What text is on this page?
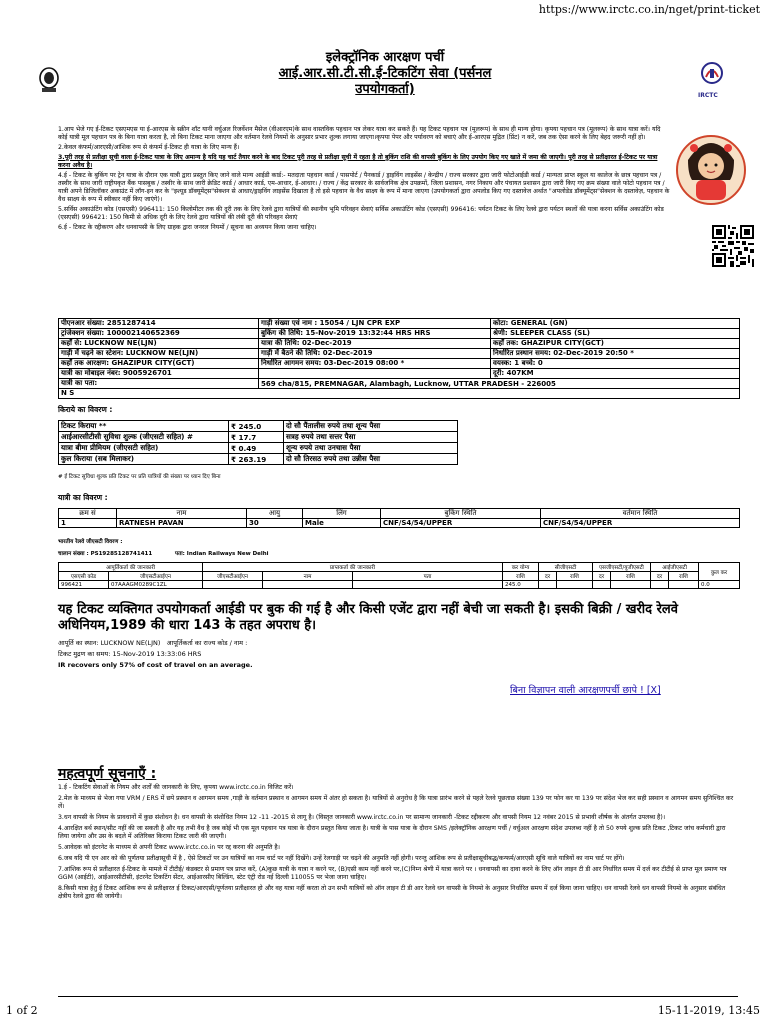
https://www.irctc.co.in/nget/print-ticket
1 of 2	15-11-2019, 13:45
इलेक्ट्रॉनिक आरक्षण पर्ची
आई.आर.सी.टी.सी.ई-टिकटिंग सेवा (पर्सनल
उपयोगकर्ता)	IRCTC

1.आप भेजे गए ई-टिकट एसएमएस या ई-आरएस के स्क्रीन शॉट यानी वर्चुअल रिजर्वेशन मैसेज (वीआरएम)के साथ वास्तविक पहचान पत्र लेकर यात्रा कर सकते हैं। यह टिकट पहचान पत्र (मूलरूप) के साथ ही मान्य होगा। कृपया पहचान पत्र (मूलरूप) के साथ यात्रा करें। यदि कोई यात्री मूल पहचान पत्र के बिना यात्रा करता है, तो बिना टिकट माना जाएगा और वर्तमान रेलवे नियमों के अनुसार प्रभार शुल्क लगाया जाएगा।कृपया पेपर और पर्यावरण को बचाएं और ई-आरएस मुद्रित (प्रिंट) न करें, जब तक ऐसा करने के लिए बेहद जरूरी नहीं हो।

2.केवल कंफर्म/आरएसी/आंशिक रूप से कंफर्म ई-टिकट ही यात्रा के लिए मान्य हैं।

3.पूरी तरह से प्रतीक्षा सूची वाला ई-टिकट यात्रा के लिए अमान्य है यदि यह चार्ट तैयार करने के बाद टिकट पूरी तरह से प्रतीक्षा सूची में रहता है तो बुकिंग राशि की वापसी बुकिंग के लिए उपयोग किए गए खाते में जमा की जाएगी। पूरी तरह से प्रतीक्षारत ई-टिकट पर यात्रा करना अवैध है।

4.ई - टिकट के बुकिंग पर ट्रेन यात्रा के दौरान एक यात्री द्वारा प्रस्तुत किए जाने वाले मान्य आईडी कार्ड:- मतदाता पहचान कार्ड / पासपोर्ट / पैनकार्ड / ड्राइविंग लाइसेंस / केन्द्रीय / राज्य सरकार द्वारा जारी फोटोआईडी कार्ड / मान्यता प्राप्त स्कूल या कालेज के छात्र पहचान पत्र / तस्वीर के साथ जारी राष्ट्रीयकृत बैंक पासबुक / तस्वीर के साथ जारी क्रेडिट कार्ड / आधार कार्ड, एम-आधार, ई-आधार। / राज्य / केंद्र सरकार के सार्वजनिक क्षेत्र उपक्रमों, जिला प्रशासन, नगर निकाय और पंचायत प्रशासन द्वारा जारी किए गए क्रम संख्या वाले फोटो पहचान पत्र / यात्री अपने डिजिलॉकर अकाउंट में लॉग-इन कर के "इश्यूड डॉक्यूमेंट्स"सेक्शन से आधार/ड्राइविंग लाइसेंस दिखाता है तो इसे पहचान के वैध साक्ष्य के रूप में माना जाएगा (उपयोगकर्ता द्वारा अपलोड किए गए दस्तावेज अर्थात "अपलोडेड डॉक्यूमेंट्स"सेक्शन के दस्तावेज़, पहचान के वैध साक्ष्य के रूप में स्वीकार नहीं किए जाएंगे)।

5.सर्विस अकाउंटिंग कोड (एसएसी) 996411: 150 किलोमीटर तक की दूरी तक के लिए रेलवे द्वारा यात्रियों की स्थानीय भूमि परिवहन सेवाएं सर्विस अकाउंटिंग कोड (एसएसी) 996416: पर्यटन टिकट के लिए रेलवे द्वारा पर्यटन स्थलों की यात्रा करना सर्विस अकाउंटिंग कोड (एसएसी) 996421: 150 किमी से अधिक दूरी के लिए रेलवे द्वारा यात्रियों की लंबी दूरी की परिवहन सेवाएं

6.ई - टिकट के रद्दीकरण और धनवापसी के लिए ग्राहक द्वारा जनरल नियमों / सूचना का अध्ययन किया जाना चाहिए।

पीएनआर संख्या: 2851287414	गाड़ी संख्या एवं नाम : 15054 / LJN CPR EXP	कोटा: GENERAL (GN)
ट्रांजेक्शन संख्या: 100002140652369	बुकिंग की तिथि: 15-Nov-2019 13:32:44 HRS HRS	श्रेणी: SLEEPER CLASS (SL)
कहाँ से: LUCKNOW NE(LJN)	यात्रा की तिथि: 02-Dec-2019	कहाँ तक: GHAZIPUR CITY(GCT)
गाड़ी में चढ़ने का स्टेशन: LUCKNOW NE(LJN)	गाड़ी में बैठने की तिथि: 02-Dec-2019	निर्धारित प्रस्थान समय: 02-Dec-2019 20:50 *
कहाँ तक आरक्षण: GHAZIPUR CITY(GCT)	निर्धारित आगमन समय: 03-Dec-2019 08:00 *	वयस्क: 1 बच्चे: 0
यात्री का मोबाइल नंबर: 9005926701		दूरी: 407KM
यात्री का पता:	569 cha/815, PREMNAGAR, Alambagh, Lucknow, UTTAR PRADESH - 226005	
N S		
किराये का विवरण :
टिकट किराया **	₹ 245.0	दो सौ पैंतालीस रुपये तथा शून्य पैसा
आईआरसीटीसी सुविधा शुल्क (जीएसटी सहित) #	₹ 17.7	सत्रह रुपये तथा सत्तर पैसा
यात्रा बीमा प्रीमियम (जीएसटी सहित)	₹ 0.49	शून्य रुपये तथा उनचास पैसा
कुल किराया (सब मिलाकर)	₹ 263.19	दो सौ तिरसठ रुपये तथा उन्नीस पैसा
# ई टिकट सुविधा शुल्क प्रति टिकट पर प्रति यात्रियों की संख्या पर ध्यान दिए बिना
यात्री का विवरण :
क्रम सं	नाम	आयु	लिंग	बुकिंग स्थिति	वर्तमान स्थिति
1	RATNESH PAVAN	30	Male	CNF/S4/54/UPPER	CNF/S4/54/UPPER
भारतीय रेलवे जीएसटी विवरण :
चालान संख्या : PS19285128741411	पता: Indian Railways New Delhi
आपूर्तिकर्ता की जानकारी		प्राप्तकर्ता की जानकारी			कर योग्य	सीजीएसटी		एसजीएसटी/यूजीएसटी		आईजीएसटी		कुल कर
एसएसी कोड	जीएसटीआईएन	जीएसटीआईएन	नाम	पता	राशि	दर	राशि	दर	राशि	दर	राशि	
996421	07AAAGM0289C1ZL				245.0							0.0
यह टिकट व्यक्तिगत उपयोगकर्ता आईडी पर बुक की गई है और किसी एजेंट द्वारा नहीं बेची जा सकती है। इसकी बिक्री / खरीद रेलवे अधिनियम,1989 की धारा 143 के तहत अपराध है।
आपूर्ति का स्थान: LUCKNOW NE(LJN) आपूर्तिकर्ता का राज्य कोड / नाम :
टिकट मुद्रण का समय: 15-Nov-2019 13:33:06 HRS
IR recovers only 57% of cost of travel on an average.
बिना विज्ञापन वाली आरक्षणपर्ची छापे ! [X]
महत्वपूर्ण सूचनाएँ :

1.ई - टिकटिंग सेवाओं के नियम और शर्तों की जानकारी के लिए, कृपया www.irctc.co.in विजिट करें।

2.मेल के माध्यम से भेजा गया VRM / ERS में छपे प्रस्थान व आगमन समय ,गाड़ी के वर्तमान प्रस्थान व आगमन समय में अंतर हो सकता है। यात्रियों से अनुरोध है कि यात्रा प्रारंभ करने से पहले रेलवे पूछताछ संख्या 139 पर फोन कर या 139 पर संदेश भेज कर सही प्रस्थान व आगमन समय सुनिश्चित कर लें।

3.धन वापसी के नियम के प्रावधानों में कुछ संशोधन है। धन वापसी के संशोधित नियम 12 -11 -2015 से लागू है। (विस्तृत जानकारी www.irctc.co.in पर सामान्य जानकारी -टिकट रद्दीकरण और वापसी नियम 12 नवंबर 2015 से प्रभावी शीर्षक के अंतर्गत उपलब्ध है)।

4.आरक्षित बर्थ स्थान/सीट नहीं की जा सकती है और यह तभी वैध है जब कोई भी एक मूल पहचान पत्र यात्रा के दौरान प्रस्तुत किया जाता है। यात्री के पास यात्रा के दौरान SMS /इलेक्ट्रॉनिक आरक्षण पर्ची / वर्चुअल आरक्षण संदेश उपलब्ध नहीं है तो 50 रुपये शुल्क प्रति टिकट ,टिकट जांच कर्मचारी द्वारा लिया जायेगा और उस के बदले में अतिरिक्त किराया टिकट जारी की जाएगी।

5.आवेदक को इंटरनेट के माध्यम से अपनी टिकट www.irctc.co.in पर रद्द करना की अनुमति है।

6.जब यदि पी एन आर को की पूर्णतया प्रतीक्षासूची में है , ऐसे टिकटों पर उन यात्रियों का नाम चार्ट पर नहीं दिखेंगे। उन्हें रेलगाड़ी पर चढ़ने की अनुमति नहीं होगी। परन्तु आंशिक रूप से प्रतीक्षासूचीबद्ध/कन्फर्म/आरएसी सूचि वाले यात्रियों का नाम चार्ट पर होंगे।

7.आंशिक रूप से प्रतीक्षारत ई-टिकट के मामले में टीटीई/ कंडक्टर से प्रमाण पत्र प्राप्त करें, (A)कुछ यात्री के यात्रा न करने पर, (B)एसी काम नहीं करने पर,(C)निम्न श्रेणी में यात्रा करने पर । धनवापसी का दावा करने के लिए ऑन लाइन टी डी आर निर्धारित समय में दर्ज कर टीटीई से प्राप्त मूल प्रमाण पत्र GGM (आईटी), आईआरसीटीसी, इंटरनेट टिकटिंग सेंटर, आईआरसीए बिल्डिंग, स्टेट एंट्री रोड नई दिल्ली 110055 पर भेजा जाना चाहिए।

8.किसी यात्रा हेतु ई टिकट आंशिक रूप से प्रतीक्षारत ई टिकट/आरएसी/पूर्णतया प्रतीक्षारत हो और वह यात्रा नहीं करता तो उन सभी यात्रियों को ऑन लाइन टी डी आर रेलवे धन वापसी के नियमो के अनुसार निर्धारित समय में दर्ज किया जाना चाहिए। धन वापसी रेलवे धन वापसी नियमो के अनुसार संबंधित क्षेत्रीय रेलवे द्वारा की जायेगी।
